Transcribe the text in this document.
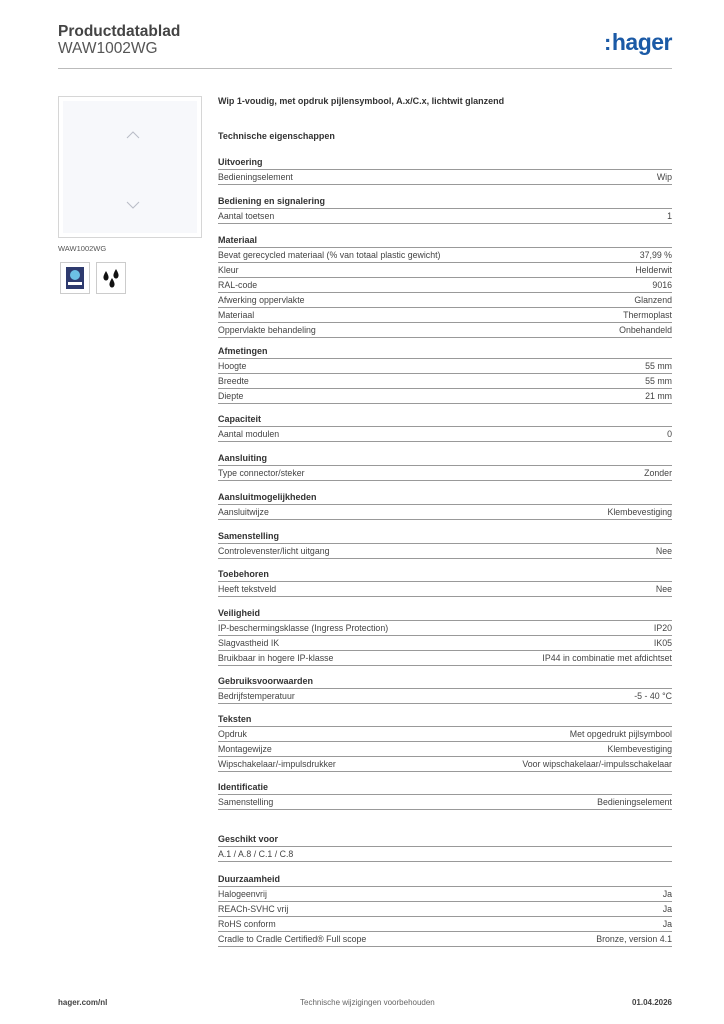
Productdatablad
WAW1002WG	:hager
WAW1002WG
Wip 1-voudig, met opdruk pijlensymbool, A.x/C.x, lichtwit glanzend
Technische eigenschappen
Uitvoering
Bedieningselement	Wip
Bediening en signalering
Aantal toetsen	1
Materiaal
Bevat gerecycled materiaal (% van totaal plastic gewicht)	37,99 %
Kleur	Helderwit
RAL-code	9016
Afwerking oppervlakte	Glanzend
Materiaal	Thermoplast
Oppervlakte behandeling	Onbehandeld
Afmetingen
Hoogte	55 mm
Breedte	55 mm
Diepte	21 mm
Capaciteit
Aantal modulen	0
Aansluiting
Type connector/steker	Zonder
Aansluitmogelijkheden
Aansluitwijze	Klembevestiging
Samenstelling
Controlevenster/licht uitgang	Nee
Toebehoren
Heeft tekstveld	Nee
Veiligheid
IP-beschermingsklasse (Ingress Protection)	IP20
Slagvastheid IK	IK05
Bruikbaar in hogere IP-klasse	IP44 in combinatie met afdichtset
Gebruiksvoorwaarden
Bedrijfstemperatuur	-5 - 40 °C
Teksten
Opdruk	Met opgedrukt pijlsymbool
Montagewijze	Klembevestiging
Wipschakelaar/-impulsdrukker	Voor wipschakelaar/-impulsschakelaar
Identificatie
Samenstelling	Bedieningselement
Geschikt voor
A.1 / A.8 / C.1 / C.8
Duurzaamheid
Halogeenvrij	Ja
REACh-SVHC vrij	Ja
RoHS conform	Ja
Cradle to Cradle Certified® Full scope	Bronze, version 4.1
hager.com/nl	Technische wijzigingen voorbehouden	01.04.2026
